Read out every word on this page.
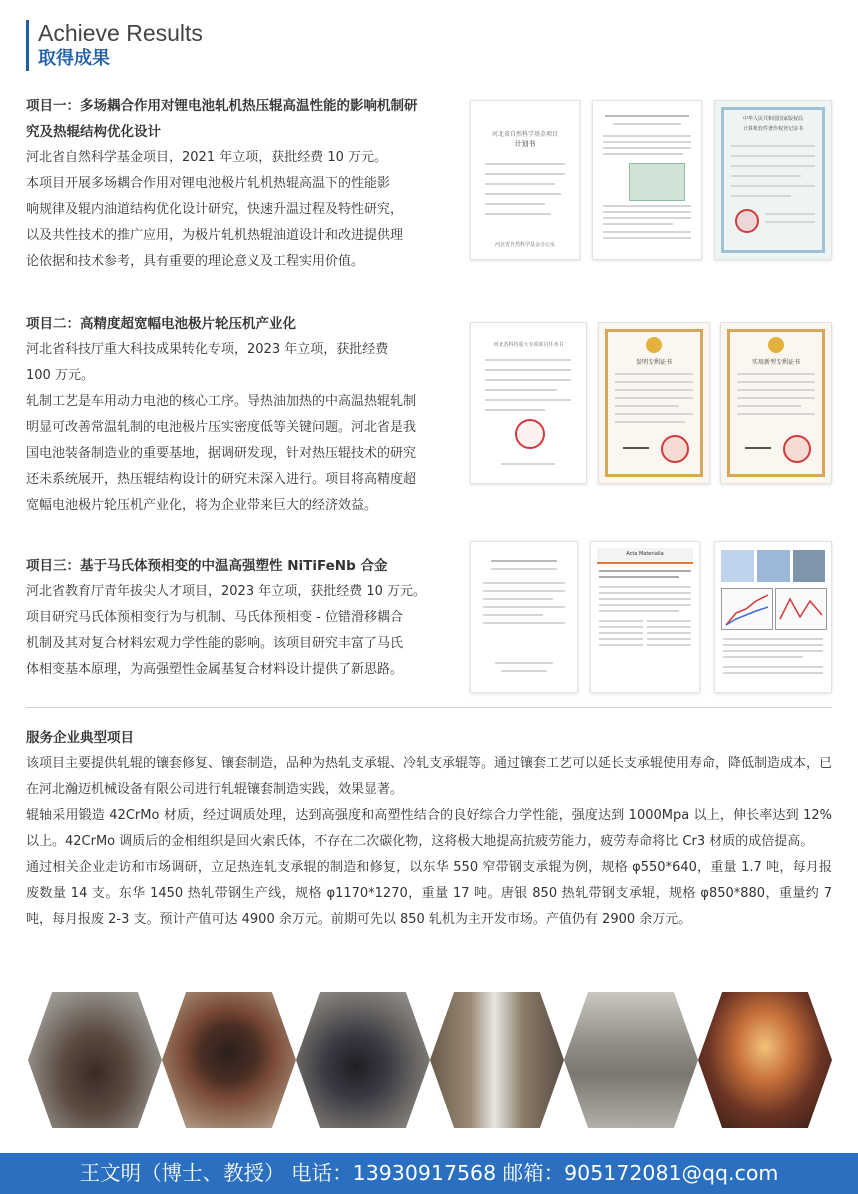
Achieve Results
取得成果
项目一：多场耦合作用对锂电池轧机热压辊高温性能的影响机制研
究及热辊结构优化设计
河北省自然科学基金项目，2021 年立项，获批经费 10 万元。
本项目开展多场耦合作用对锂电池极片轧机热辊高温下的性能影
响规律及辊内油道结构优化设计研究，快速升温过程及特性研究，
以及共性技术的推广应用，为极片轧机热辊油道设计和改进提供理
论依据和技术参考，具有重要的理论意义及工程实用价值。
河北省自然科学基金项目
计划书
河北省自然科学基金办公室
中华人民共和国国家版权局
计算机软件著作权登记证书
项目二：高精度超宽幅电池极片轮压机产业化
河北省科技厅重大科技成果转化专项，2023 年立项，获批经费
100 万元。
轧制工艺是车用动力电池的核心工序。导热油加热的中高温热辊轧制
明显可改善常温轧制的电池极片压实密度低等关键问题。河北省是我
国电池装备制造业的重要基地，据调研发现，针对热压辊技术的研究
还未系统展开，热压辊结构设计的研究未深入进行。项目将高精度超
宽幅电池极片轮压机产业化，将为企业带来巨大的经济效益。
河北省科技重大专项项目任务书
发明专利证书	实用新型专利证书
项目三：基于马氏体预相变的中温高强塑性 NiTiFeNb 合金
河北省教育厅青年拔尖人才项目，2023 年立项，获批经费 10 万元。
项目研究马氏体预相变行为与机制、马氏体预相变 - 位错滑移耦合
机制及其对复合材料宏观力学性能的影响。该项目研究丰富了马氏
体相变基本原理，为高强塑性金属基复合材料设计提供了新思路。
Acta Materialia
服务企业典型项目

该项目主要提供轧辊的镶套修复、镶套制造，品种为热轧支承辊、冷轧支承辊等。通过镶套工艺可以延长支承辊使用寿命，降低制造成本，已在河北瀚迈机械设备有限公司进行轧辊镶套制造实践，效果显著。

辊轴采用锻造 42CrMo 材质，经过调质处理，达到高强度和高塑性结合的良好综合力学性能，强度达到 1000Mpa 以上，伸长率达到 12% 以上。42CrMo 调质后的金相组织是回火索氏体，不存在二次碳化物，这将极大地提高抗疲劳能力，疲劳寿命将比 Cr3 材质的成倍提高。

通过相关企业走访和市场调研，立足热连轧支承辊的制造和修复，以东华 550 窄带钢支承辊为例，规格 φ550*640，重量 1.7 吨，每月报废数量 14 支。东华 1450 热轧带钢生产线，规格 φ1170*1270，重量 17 吨。唐银 850 热轧带钢支承辊，规格 φ850*880，重量约 7 吨，每月报废 2-3 支。预计产值可达 4900 余万元。前期可先以 850 轧机为主开发市场。产值仍有 2900 余万元。

王文明（博士、教授） 电话：13930917568 邮箱：905172081@qq.com
